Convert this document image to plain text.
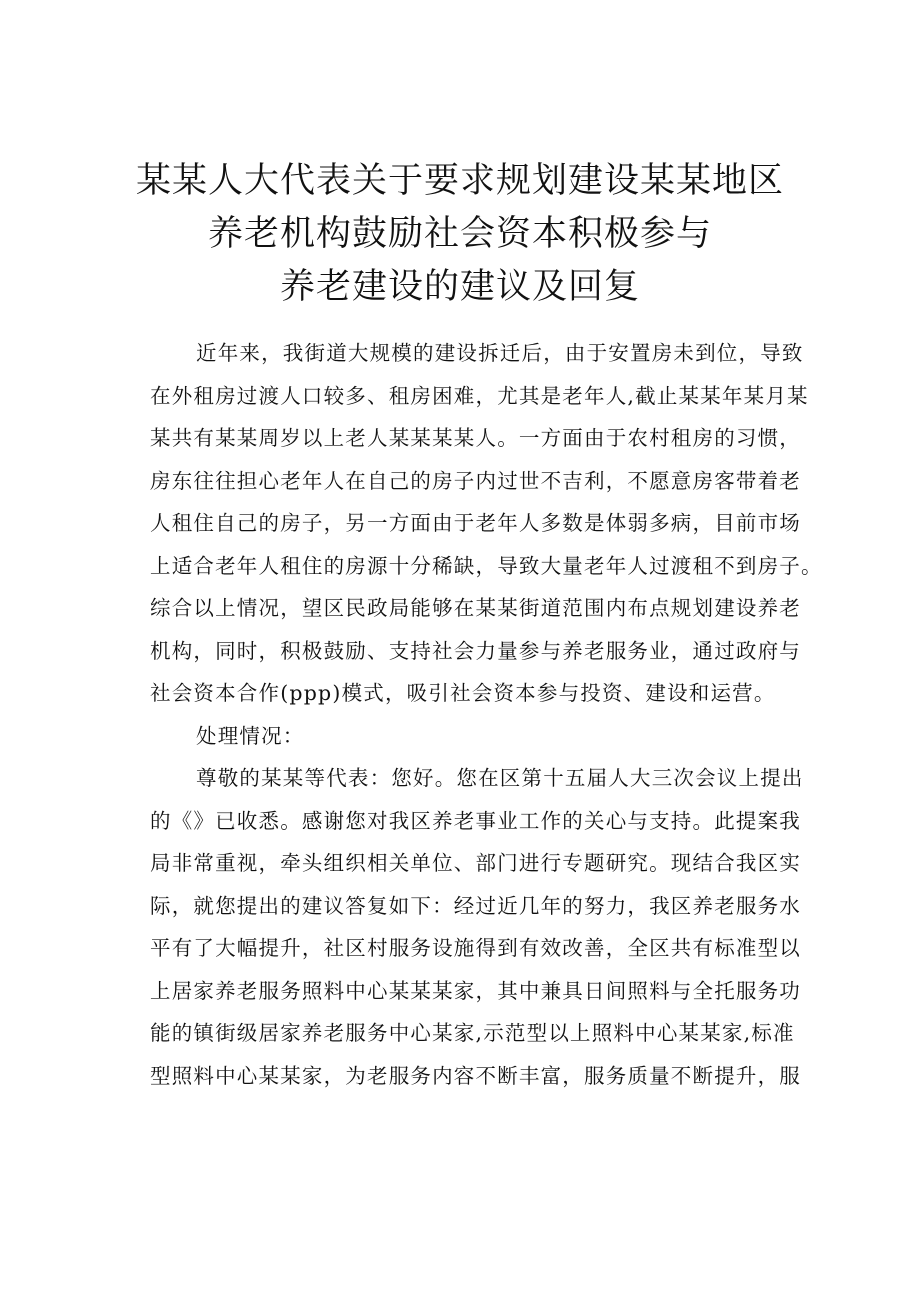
某某人大代表关于要求规划建设某某地区
养老机构鼓励社会资本积极参与
养老建设的建议及回复
近年来，我街道大规模的建设拆迁后，由于安置房未到位，导致
在外租房过渡人口较多、租房困难，尤其是老年人,截止某某年某月某
某共有某某周岁以上老人某某某某人。一方面由于农村租房的习惯，
房东往往担心老年人在自己的房子内过世不吉利，不愿意房客带着老
人租住自己的房子，另一方面由于老年人多数是体弱多病，目前市场
上适合老年人租住的房源十分稀缺，导致大量老年人过渡租不到房子。
综合以上情况，望区民政局能够在某某街道范围内布点规划建设养老
机构，同时，积极鼓励、支持社会力量参与养老服务业，通过政府与
社会资本合作(ppp)模式，吸引社会资本参与投资、建设和运营。
处理情况：
尊敬的某某等代表：您好。您在区第十五届人大三次会议上提出
的《》已收悉。感谢您对我区养老事业工作的关心与支持。此提案我
局非常重视，牵头组织相关单位、部门进行专题研究。现结合我区实
际，就您提出的建议答复如下：经过近几年的努力，我区养老服务水
平有了大幅提升，社区村服务设施得到有效改善，全区共有标准型以
上居家养老服务照料中心某某某家，其中兼具日间照料与全托服务功
能的镇街级居家养老服务中心某家,示范型以上照料中心某某家,标准
型照料中心某某家，为老服务内容不断丰富，服务质量不断提升，服
